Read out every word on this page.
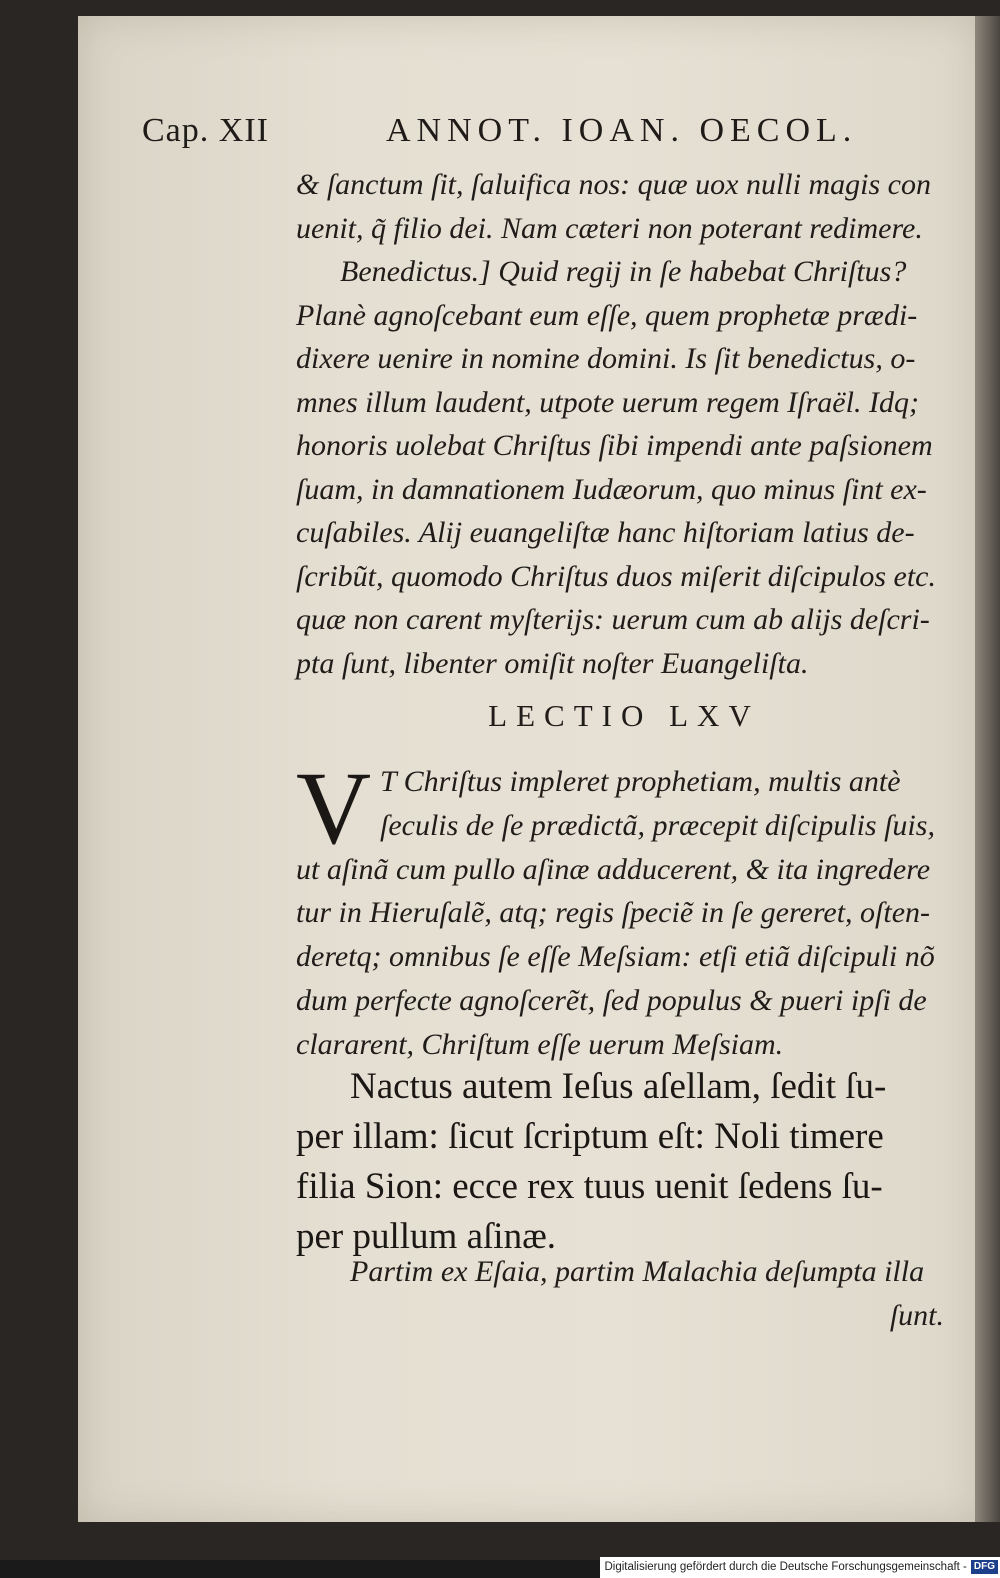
Cap. XII	ANNOT. IOAN. OECOL.
& ſanctum ſit, ſaluifica nos: quæ uox nulli magis con
uenit, q̃ filio dei. Nam cæteri non poterant redimere.
Benedictus.] Quid regij in ſe habebat Chriſtus?
Planè agnoſcebant eum eſſe, quem prophetæ prædi-
dixere uenire in nomine domini. Is ſit benedictus, o-
mnes illum laudent, utpote uerum regem Iſraël. Idq;
honoris uolebat Chriſtus ſibi impendi ante paſsionem
ſuam, in damnationem Iudæorum, quo minus ſint ex-
cuſabiles. Alij euangeliſtæ hanc hiſtoriam latius de-
ſcribũt, quomodo Chriſtus duos miſerit diſcipulos etc.
quæ non carent myſterijs: uerum cum ab alijs deſcri-
pta ſunt, libenter omiſit noſter Euangeliſta.
LECTIO LXV
V T Chriſtus impleret prophetiam, multis antè
ſeculis de ſe prædictã, præcepit diſcipulis ſuis,
ut aſinã cum pullo aſinæ adducerent, & ita ingredere
tur in Hieruſalẽ, atq; regis ſpeciẽ in ſe gereret, oſten-
deretq; omnibus ſe eſſe Meſsiam: etſi etiã diſcipuli nõ
dum perfecte agnoſcerẽt, ſed populus & pueri ipſi de
clararent, Chriſtum eſſe uerum Meſsiam.
Nactus autem Ieſus aſellam, ſedit ſu-
per illam: ſicut ſcriptum eſt: Noli timere
filia Sion: ecce rex tuus uenit ſedens ſu-
per pullum aſinæ.
Partim ex Eſaia, partim Malachia deſumpta illa
ſunt.
Digitalisierung gefördert durch die Deutsche Forschungsgemeinschaft - DFG
